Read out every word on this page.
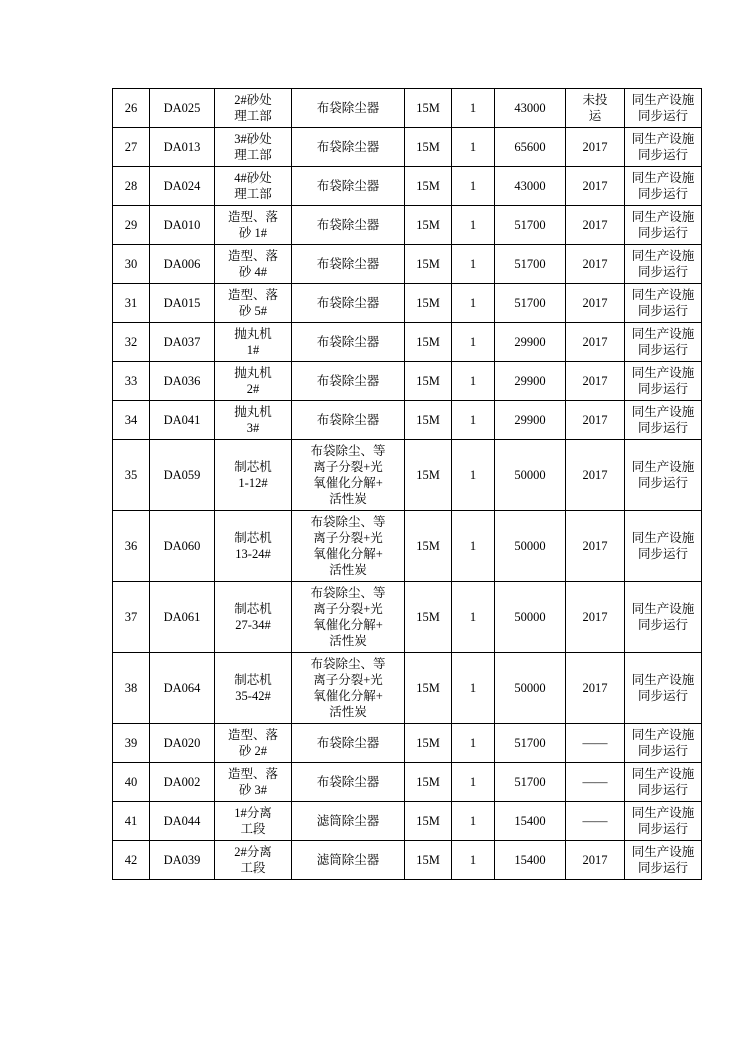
26	DA025	2#砂处
理工部	布袋除尘器	15M	1	43000	未投
运	同生产设施
同步运行

27	DA013	3#砂处
理工部	布袋除尘器	15M	1	65600	2017	同生产设施
同步运行

28	DA024	4#砂处
理工部	布袋除尘器	15M	1	43000	2017	同生产设施
同步运行

29	DA010	造型、落
砂 1#	布袋除尘器	15M	1	51700	2017	同生产设施
同步运行

30	DA006	造型、落
砂 4#	布袋除尘器	15M	1	51700	2017	同生产设施
同步运行

31	DA015	造型、落
砂 5#	布袋除尘器	15M	1	51700	2017	同生产设施
同步运行

32	DA037	抛丸机
1#	布袋除尘器	15M	1	29900	2017	同生产设施
同步运行

33	DA036	抛丸机
2#	布袋除尘器	15M	1	29900	2017	同生产设施
同步运行

34	DA041	抛丸机
3#	布袋除尘器	15M	1	29900	2017	同生产设施
同步运行

35	DA059	制芯机
1-12#	布袋除尘、等
离子分裂+光
氧催化分解+
活性炭	15M	1	50000	2017	同生产设施
同步运行

36	DA060	制芯机
13-24#	布袋除尘、等
离子分裂+光
氧催化分解+
活性炭	15M	1	50000	2017	同生产设施
同步运行

37	DA061	制芯机
27-34#	布袋除尘、等
离子分裂+光
氧催化分解+
活性炭	15M	1	50000	2017	同生产设施
同步运行

38	DA064	制芯机
35-42#	布袋除尘、等
离子分裂+光
氧催化分解+
活性炭	15M	1	50000	2017	同生产设施
同步运行

39	DA020	造型、落
砂 2#	布袋除尘器	15M	1	51700	——	同生产设施
同步运行

40	DA002	造型、落
砂 3#	布袋除尘器	15M	1	51700	——	同生产设施
同步运行

41	DA044	1#分离
工段	滤筒除尘器	15M	1	15400	——	同生产设施
同步运行

42	DA039	2#分离
工段	滤筒除尘器	15M	1	15400	2017	同生产设施
同步运行
